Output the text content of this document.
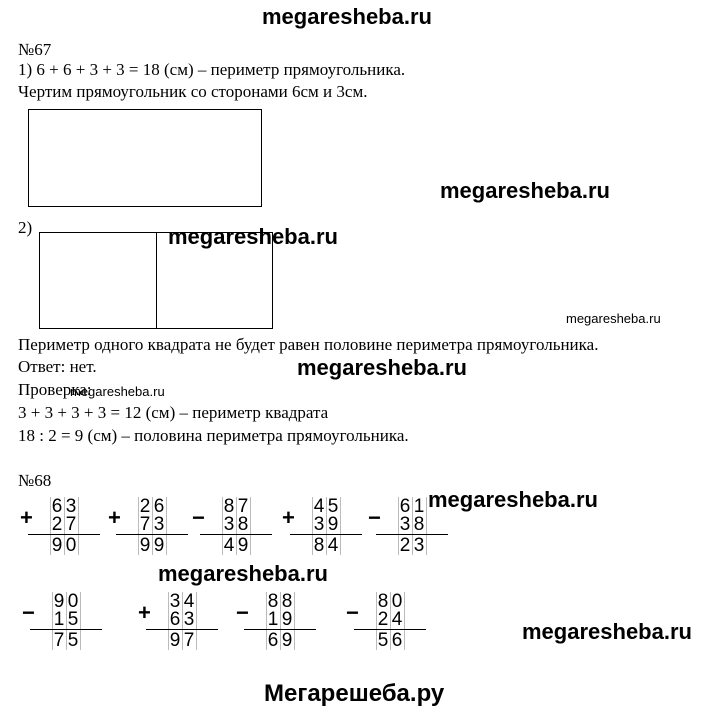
megaresheba.ru
№67
1) 6 + 6 + 3 + 3 = 18 (см) – периметр прямоугольника.
Чертим прямоугольник со сторонами 6см и 3см.
megaresheba.ru
2)	megaresheba.ru
megaresheba.ru
Периметр одного квадрата не будет равен половине периметра прямоугольника.
Ответ: нет.	megaresheba.ru
Проверка:
megaresheba.ru
3 + 3 + 3 + 3 = 12 (см) – периметр квадрата
18 : 2 = 9 (см) – половина периметра прямоугольника.
№68
megaresheba.ru
+ 6 3
2 7
9 0
+ 2 6
7 3
9 9
− 8 7
3 8
4 9
+ 4 5
3 9
8 4
− 6 1
3 8
2 3
megaresheba.ru
− 9 0
1 5
7 5
+ 3 4
6 3
9 7
− 8 8
1 9
6 9
− 8 0
2 4
5 6	megaresheba.ru
Мегарешеба.ру
